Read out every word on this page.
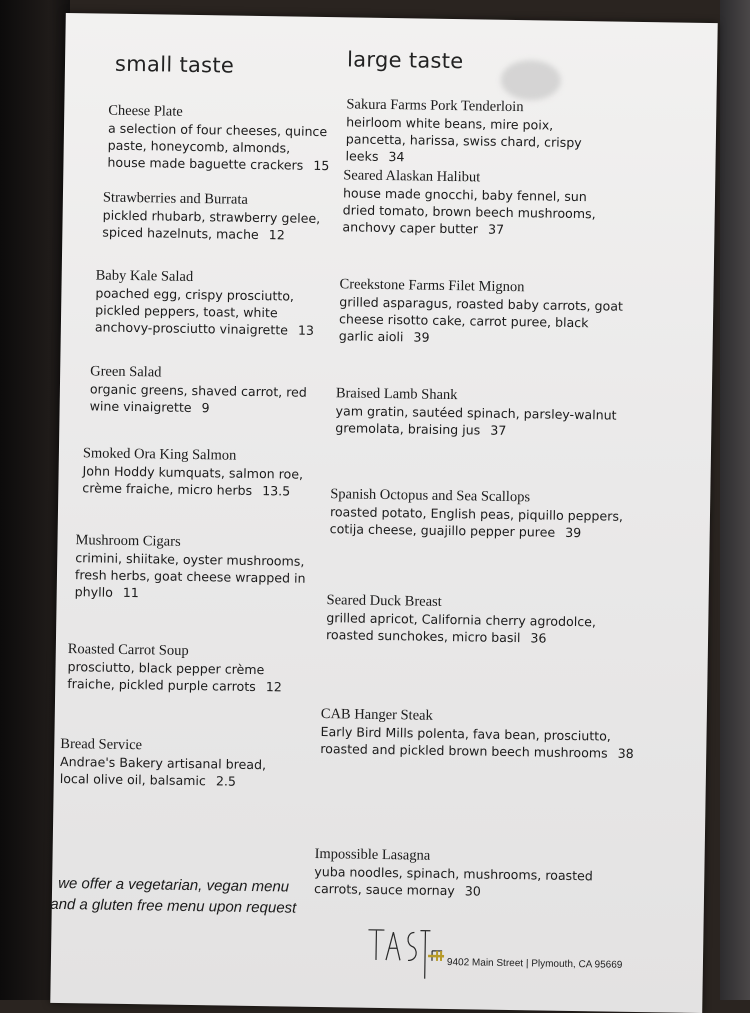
small taste	large taste
Cheese Plate
a selection of four cheeses, quince paste, honeycomb, almonds, house made baguette crackers 15
Strawberries and Burrata
pickled rhubarb, strawberry gelee, spiced hazelnuts, mache 12
Baby Kale Salad
poached egg, crispy prosciutto, pickled peppers, toast, white anchovy-prosciutto vinaigrette 13
Green Salad
organic greens, shaved carrot, red wine vinaigrette 9
Smoked Ora King Salmon
John Hoddy kumquats, salmon roe, crème fraiche, micro herbs 13.5
Mushroom Cigars
crimini, shiitake, oyster mushrooms, fresh herbs, goat cheese wrapped in phyllo 11
Roasted Carrot Soup
prosciutto, black pepper crème fraiche, pickled purple carrots 12
Bread Service
Andrae's Bakery artisanal bread, local olive oil, balsamic 2.5
Sakura Farms Pork Tenderloin
heirloom white beans, mire poix, pancetta, harissa, swiss chard, crispy leeks 34
Seared Alaskan Halibut
house made gnocchi, baby fennel, sun dried tomato, brown beech mushrooms, anchovy caper butter 37
Creekstone Farms Filet Mignon
grilled asparagus, roasted baby carrots, goat cheese risotto cake, carrot puree, black garlic aioli 39
Braised Lamb Shank
yam gratin, sautéed spinach, parsley-walnut gremolata, braising jus 37
Spanish Octopus and Sea Scallops
roasted potato, English peas, piquillo peppers, cotija cheese, guajillo pepper puree 39
Seared Duck Breast
grilled apricot, California cherry agrodolce, roasted sunchokes, micro basil 36
CAB Hanger Steak
Early Bird Mills polenta, fava bean, prosciutto, roasted and pickled brown beech mushrooms 38
Impossible Lasagna
yuba noodles, spinach, mushrooms, roasted carrots, sauce mornay 30
we offer a vegetarian, vegan menu and a gluten free menu upon request
9402 Main Street | Plymouth, CA 95669
